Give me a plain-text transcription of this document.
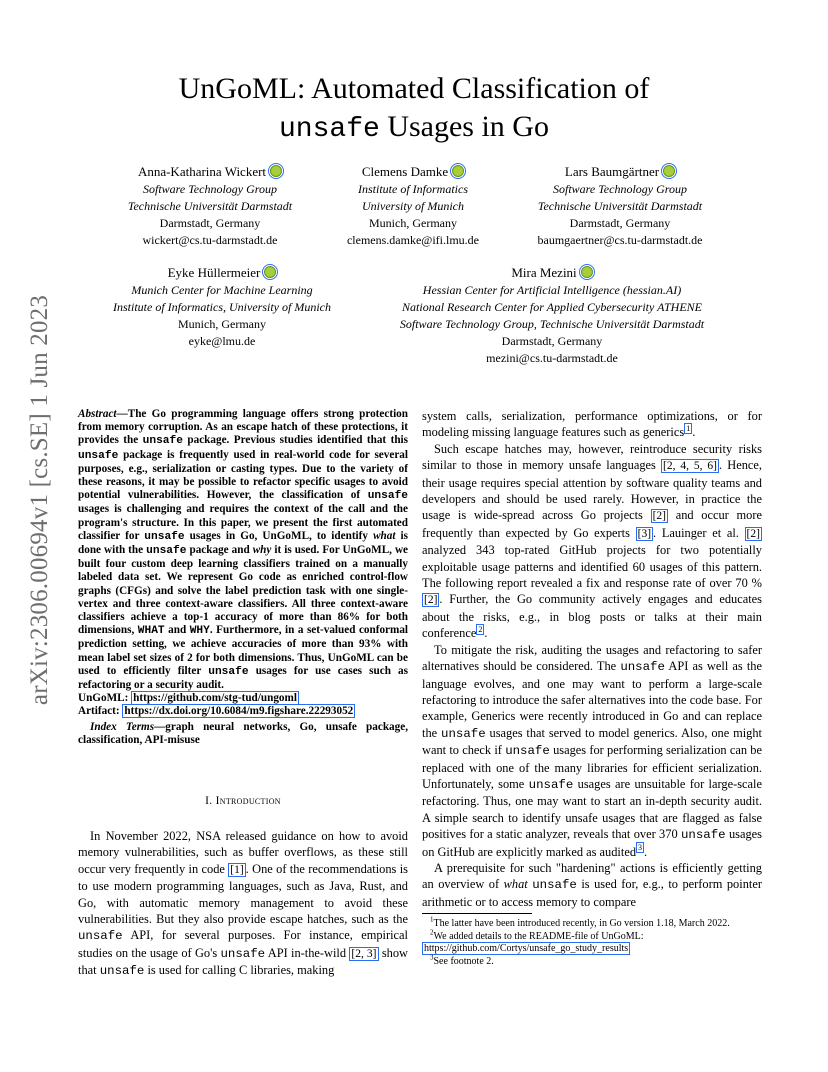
arXiv:2306.00694v1 [cs.SE] 1 Jun 2023
UnGoML: Automated Classification of
unsafe Usages in Go
Anna-Katharina Wickert
Software Technology Group
Technische Universität Darmstadt
Darmstadt, Germany
wickert@cs.tu-darmstadt.de
Clemens Damke
Institute of Informatics
University of Munich
Munich, Germany
clemens.damke@ifi.lmu.de
Lars Baumgärtner
Software Technology Group
Technische Universität Darmstadt
Darmstadt, Germany
baumgaertner@cs.tu-darmstadt.de
Eyke Hüllermeier
Munich Center for Machine Learning
Institute of Informatics, University of Munich
Munich, Germany
eyke@lmu.de
Mira Mezini
Hessian Center for Artificial Intelligence (hessian.AI)
National Research Center for Applied Cybersecurity ATHENE
Software Technology Group, Technische Universität Darmstadt
Darmstadt, Germany
mezini@cs.tu-darmstadt.de

Abstract—The Go programming language offers strong protection from memory corruption. As an escape hatch of these protections, it provides the unsafe package. Previous studies identified that this unsafe package is frequently used in real-world code for several purposes, e.g., serialization or casting types. Due to the variety of these reasons, it may be possible to refactor specific usages to avoid potential vulnerabilities. However, the classification of unsafe usages is challenging and requires the context of the call and the program's structure. In this paper, we present the first automated classifier for unsafe usages in Go, UnGoML, to identify what is done with the unsafe package and why it is used. For UnGoML, we built four custom deep learning classifiers trained on a manually labeled data set. We represent Go code as enriched control-flow graphs (CFGs) and solve the label prediction task with one single-vertex and three context-aware classifiers. All three context-aware classifiers achieve a top-1 accuracy of more than 86% for both dimensions, WHAT and WHY. Furthermore, in a set-valued conformal prediction setting, we achieve accuracies of more than 93% with mean label set sizes of 2 for both dimensions. Thus, UnGoML can be used to efficiently filter unsafe usages for use cases such as refactoring or a security audit.

UnGoML: https://github.com/stg-tud/ungoml

Artifact: https://dx.doi.org/10.6084/m9.figshare.22293052

Index Terms—graph neural networks, Go, unsafe package, classification, API-misuse

I. Introduction

In November 2022, NSA released guidance on how to avoid memory vulnerabilities, such as buffer overflows, as these still occur very frequently in code [1] . One of the recommendations is to use modern programming languages, such as Java, Rust, and Go, with automatic memory management to avoid these vulnerabilities. But they also provide escape hatches, such as the unsafe API, for several purposes. For instance, empirical studies on the usage of Go's unsafe API in-the-wild [2, 3] show that unsafe is used for calling C libraries, making

system calls, serialization, performance optimizations, or for modeling missing language features such as generics $^1$ .

Such escape hatches may, however, reintroduce security risks similar to those in memory unsafe languages [2, 4, 5, 6] . Hence, their usage requires special attention by software quality teams and developers and should be used rarely. However, in practice the usage is wide-spread across Go projects [2] and occur more frequently than expected by Go experts [3] . Lauinger et al. [2] analyzed 343 top-rated GitHub projects for two potentially exploitable usage patterns and identified 60 usages of this pattern. The following report revealed a fix and response rate of over 70 % [2] . Further, the Go community actively engages and educates about the risks, e.g., in blog posts or talks at their main conference $^2$ .

To mitigate the risk, auditing the usages and refactoring to safer alternatives should be considered. The unsafe API as well as the language evolves, and one may want to perform a large-scale refactoring to introduce the safer alternatives into the code base. For example, Generics were recently introduced in Go and can replace the unsafe usages that served to model generics. Also, one might want to check if unsafe usages for performing serialization can be replaced with one of the many libraries for efficient serialization. Unfortunately, some unsafe usages are unsuitable for large-scale refactoring. Thus, one may want to start an in-depth security audit. A simple search to identify unsafe usages that are flagged as false positives for a static analyzer, reveals that over 370 unsafe usages on GitHub are explicitly marked as audited $^3$ .

A prerequisite for such "hardening" actions is efficiently getting an overview of what unsafe is used for, e.g., to perform pointer arithmetic or to access memory to compare

$^1$The latter have been introduced recently, in Go version 1.18, March 2022.
$^2$We added details to the README-file of UnGoML: https://github.com/Cortys/unsafe_go_study_results
$^3$See footnote 2.
